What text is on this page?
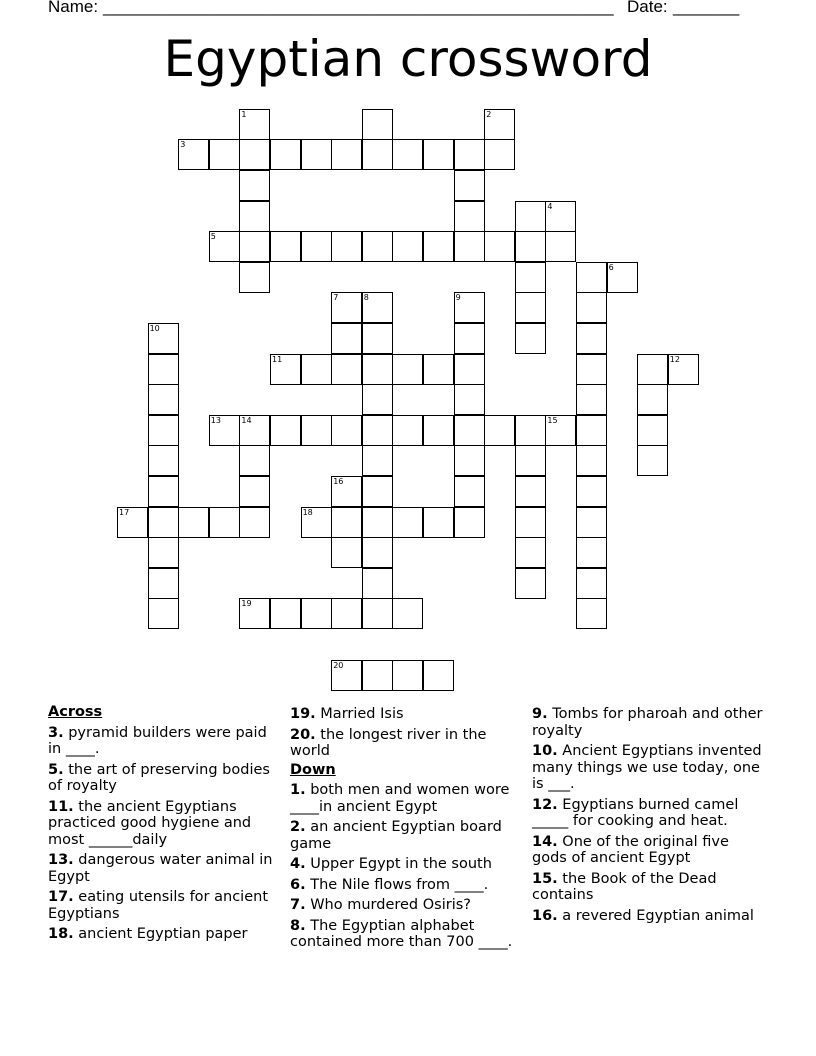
Name: ______________________________________________________ Date: _______
Egyptian crossword
1
3
5
7	8	9
10
11
13	14
16
17	18
19
20
2
4
6
12
15
Across
3. pyramid builders were paid in ____.
5. the art of preserving bodies of royalty
11. the ancient Egyptians practiced good hygiene and most ______daily
13. dangerous water animal in Egypt
17. eating utensils for ancient Egyptians
18. ancient Egyptian paper
19. Married Isis
20. the longest river in the world
Down
1. both men and women wore ____in ancient Egypt
2. an ancient Egyptian board game
4. Upper Egypt in the south
6. The Nile flows from ____.
7. Who murdered Osiris?
8. The Egyptian alphabet contained more than 700 ____.
9. Tombs for pharoah and other royalty
10. Ancient Egyptians invented many things we use today, one is ___.
12. Egyptians burned camel _____ for cooking and heat.
14. One of the original five gods of ancient Egypt
15. the Book of the Dead contains
16. a revered Egyptian animal
